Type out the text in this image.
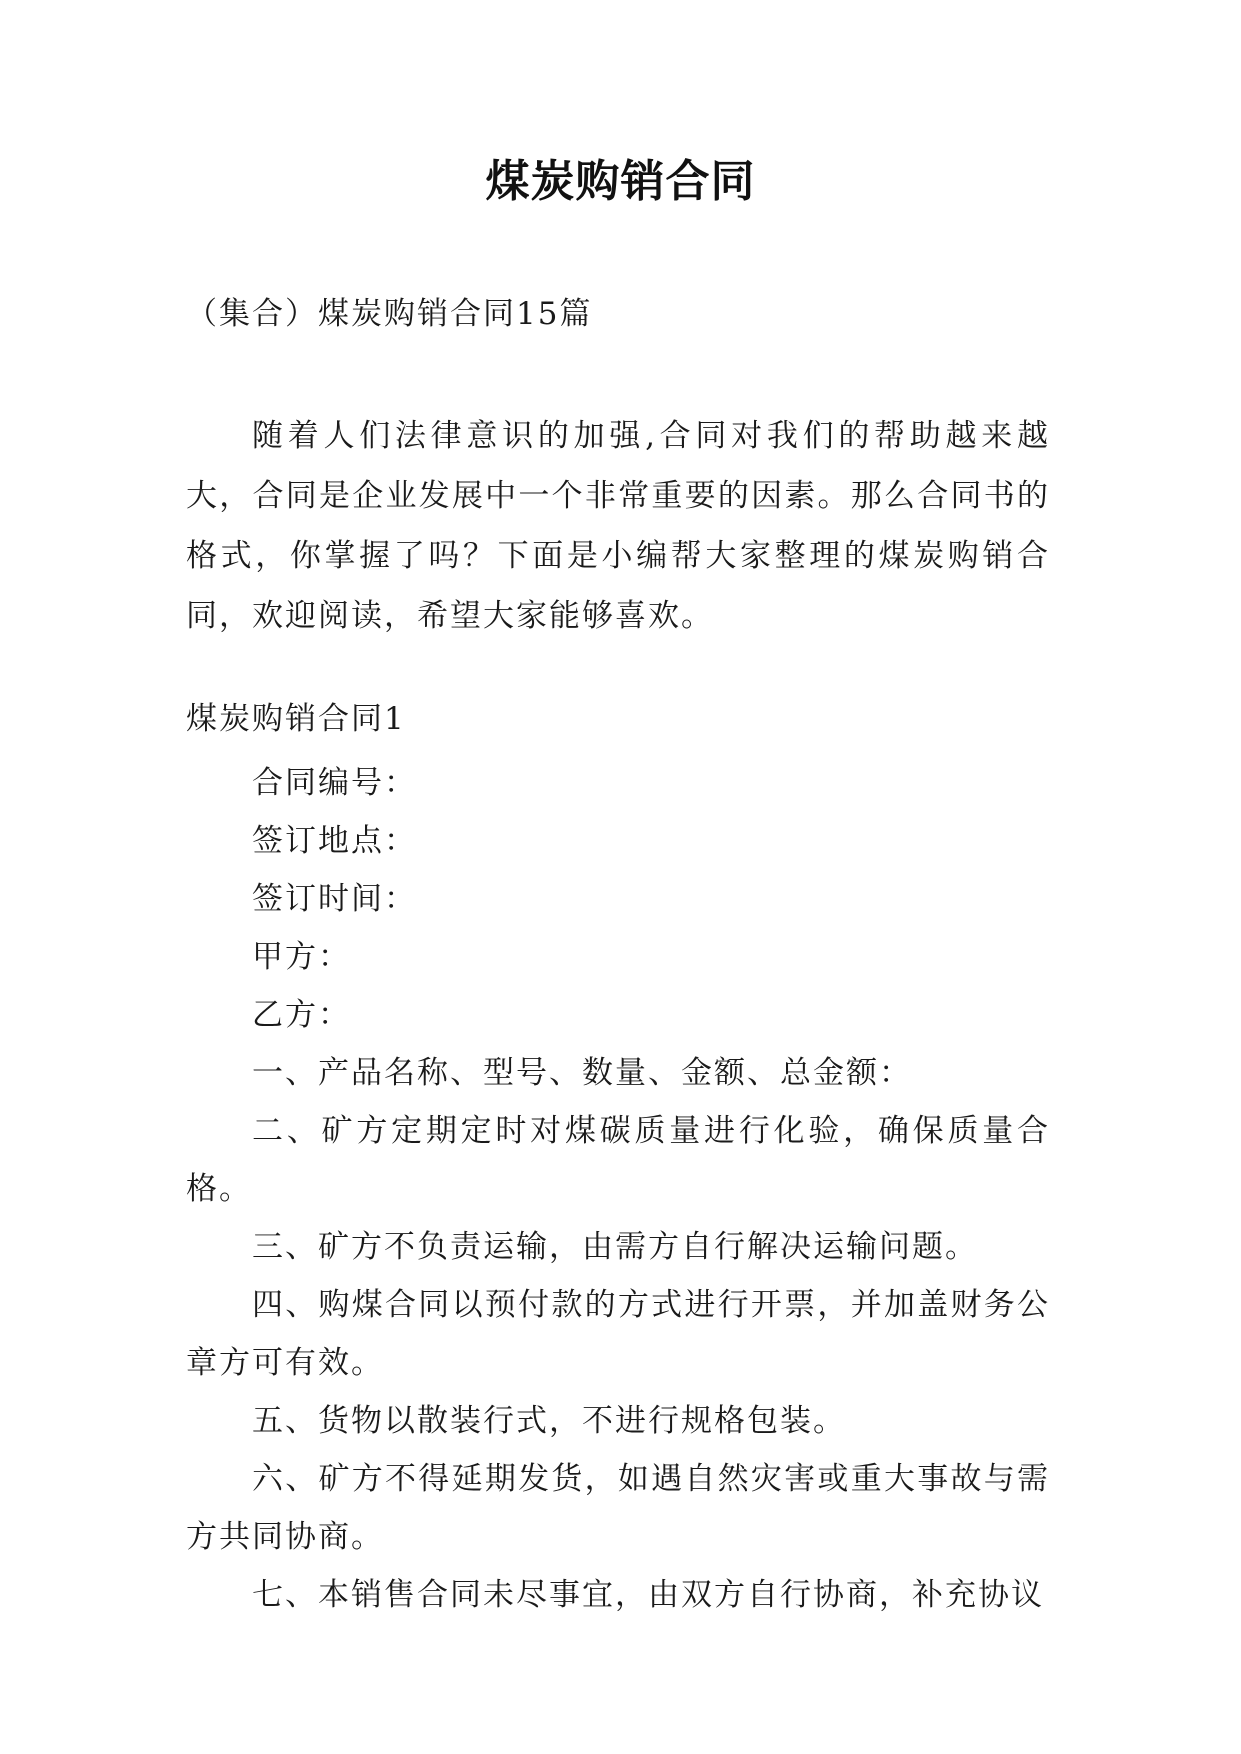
煤炭购销合同
（集合）煤炭购销合同15篇

随着人们法律意识的加强,合同对我们的帮助越来越大，合同是企业发展中一个非常重要的因素。那么合同书的格式，你掌握了吗？下面是小编帮大家整理的煤炭购销合同，欢迎阅读，希望大家能够喜欢。

煤炭购销合同1
合同编号：
签订地点：
签订时间：
甲方：
乙方：
一、产品名称、型号、数量、金额、总金额：
二、矿方定期定时对煤碳质量进行化验，确保质量合格。
三、矿方不负责运输，由需方自行解决运输问题。
四、购煤合同以预付款的方式进行开票，并加盖财务公章方可有效。
五、货物以散装行式，不进行规格包装。
六、矿方不得延期发货，如遇自然灾害或重大事故与需方共同协商。
七、本销售合同未尽事宜，由双方自行协商，补充协议
